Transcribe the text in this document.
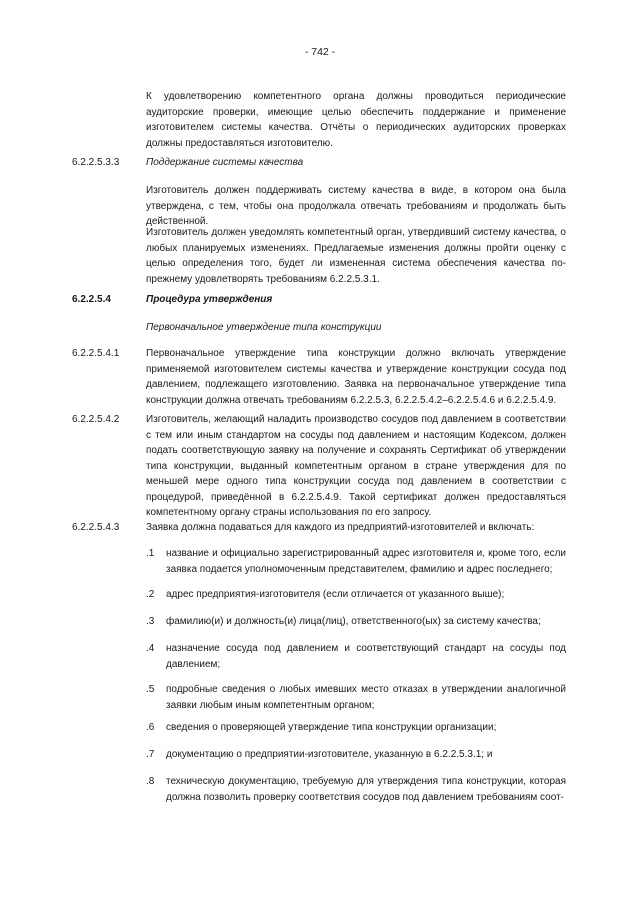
- 742 -
К удовлетворению компетентного органа должны проводиться периодические аудиторские проверки, имеющие целью обеспечить поддержание и применение изготовителем системы качества. Отчёты о периодических аудиторских проверках должны предоставляться изготовителю.
6.2.2.5.3.3	Поддержание системы качества
Изготовитель должен поддерживать систему качества в виде, в котором она была утверждена, с тем, чтобы она продолжала отвечать требованиям и продолжать быть действенной.
Изготовитель должен уведомлять компетентный орган, утвердивший систему качества, о любых планируемых изменениях. Предлагаемые изменения должны пройти оценку с целью определения того, будет ли измененная система обеспечения качества по-прежнему удовлетворять требованиям 6.2.2.5.3.1.
6.2.2.5.4	Процедура утверждения
Первоначальное утверждение типа конструкции
6.2.2.5.4.1	Первоначальное утверждение типа конструкции должно включать утверждение применяемой изготовителем системы качества и утверждение конструкции сосуда под давлением, подлежащего изготовлению. Заявка на первоначальное утверждение типа конструкции должна отвечать требованиям 6.2.2.5.3, 6.2.2.5.4.2–6.2.2.5.4.6 и 6.2.2.5.4.9.
6.2.2.5.4.2	Изготовитель, желающий наладить производство сосудов под давлением в соответствии с тем или иным стандартом на сосуды под давлением и настоящим Кодексом, должен подать соответствующую заявку на получение и сохранять Сертификат об утверждении типа конструкции, выданный компетентным органом в стране утверждения для по меньшей мере одного типа конструкции сосуда под давлением в соответствии с процедурой, приведённой в 6.2.2.5.4.9. Такой сертификат должен предоставляться компетентному органу страны использования по его запросу.
6.2.2.5.4.3	Заявка должна подаваться для каждого из предприятий-изготовителей и включать:
.1 название и официально зарегистрированный адрес изготовителя и, кроме того, если заявка подается уполномоченным представителем, фамилию и адрес последнего;
.2 адрес предприятия-изготовителя (если отличается от указанного выше);
.3 фамилию(и) и должность(и) лица(лиц), ответственного(ых) за систему качества;
.4 назначение сосуда под давлением и соответствующий стандарт на сосуды под давлением;
.5 подробные сведения о любых имевших место отказах в утверждении аналогичной заявки любым иным компетентным органом;
.6 сведения о проверяющей утверждение типа конструкции организации;
.7 документацию о предприятии-изготовителе, указанную в 6.2.2.5.3.1; и
.8 техническую документацию, требуемую для утверждения типа конструкции, которая должна позволить проверку соответствия сосудов под давлением требованиям соот-
